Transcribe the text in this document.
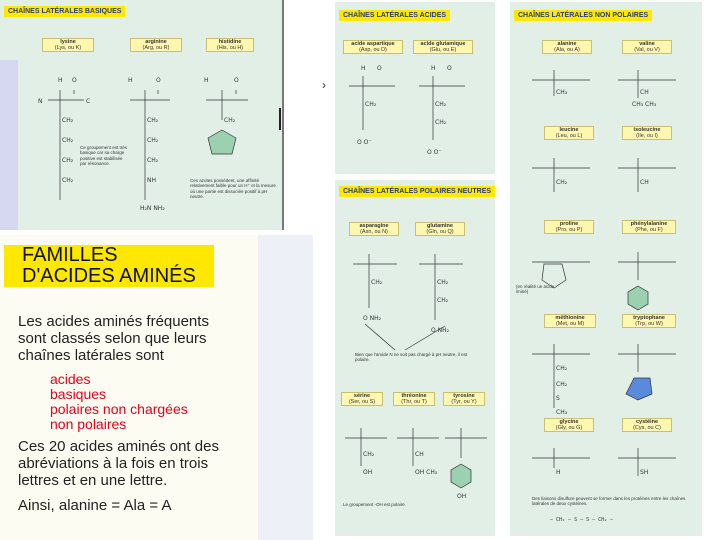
CHAÎNES LATÉRALES BASIQUES
lysine
(Lys, ou K)
arginine
(Arg, ou R)
histidine
(His, ou H)
H O
N	C
H	O	H	O
CH₂
CH₂
CH₂
CH₂
CH₂
CH₂
CH₂
NH
H₂N NH₂
CH₂
Ce groupement est très basique car sa charge positive est stabilisée par résonance.
Ces azotes possèdent, une affinité relativement faible pour un H⁺ et la mesure où une partie est dissociée positif à pH neutre.
›
FAMILLES
D'ACIDES AMINÉS
Les acides aminés fréquents sont classés selon que leurs chaînes latérales sont
acides
basiques
polaires non chargées
non polaires
Ces 20 acides aminés ont des abréviations à la fois en trois lettres et en une lettre.
Ainsi, alanine = Ala = A
CHAÎNES LATÉRALES ACIDES
acide aspartique
(Asp, ou D)
acide glutamique
(Glu, ou E)
H O	H O
CH₂	CH₂
CH₂
O O⁻
O O⁻
CHAÎNES LATÉRALES POLAIRES NEUTRES
asparagine
(Asn, ou N)
glutamine
(Gln, ou Q)
CH₂	CH₂
CH₂
O NH₂
O NH₂
CH₂
OH
CH
OH CH₃
OH
Bien que l'amide N ne soit pas chargé à pH neutre, il est polaire.
sérine
(Ser, ou S)
thréonine
(Thr, ou T)
tyrosine
(Tyr, ou Y)
Le groupement -OH est polaire.
CHAÎNES LATÉRALES NON POLAIRES
alanine
(Ala, ou A)
valine
(Val, ou V)
leucine
(Leu, ou L)
isoleucine
(Ile, ou I)
proline
(Pro, ou P)
phénylalanine
(Phe, ou F)
méthionine
(Met, ou M)
tryptophane
(Trp, ou W)
glycine
(Gly, ou G)
cystéine
(Cys, ou C)
CH₃	CH
CH₃ CH₃
CH₂	CH
CH₂
CH₂
S
CH₃
SH
H
(en réalité un acide iminé)
Des liaisons disulfure peuvent se former dans les protéines entre les chaînes latérales de deux cystéines.
— CH₂ — S — S — CH₂ —
